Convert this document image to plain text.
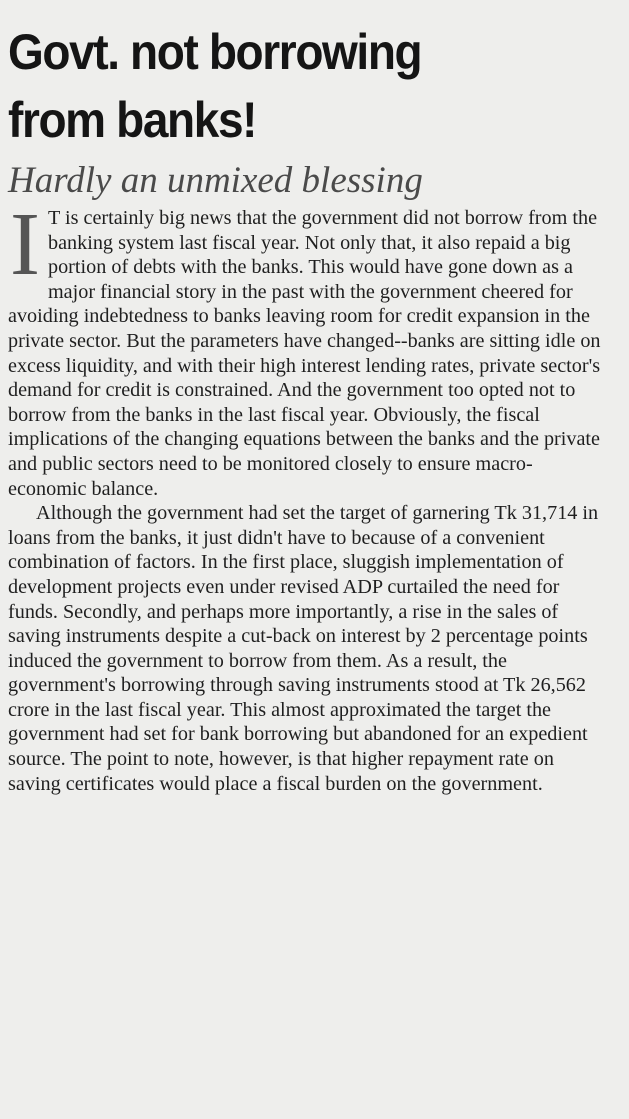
Govt. not borrowing
from banks!
Hardly an unmixed blessing

I T is certainly big news that the government did not borrow from the banking system last fiscal year. Not only that, it also repaid a big portion of debts with the banks. This would have gone down as a major financial story in the past with the government cheered for avoiding indebtedness to banks leaving room for credit expansion in the private sector. But the parameters have changed--banks are sitting idle on excess liquidity, and with their high interest lending rates, private sector's demand for credit is constrained. And the government too opted not to borrow from the banks in the last fiscal year. Obviously, the fiscal implications of the changing equations between the banks and the private and public sectors need to be monitored closely to ensure macro-economic balance.

Although the government had set the target of garnering Tk 31,714 in loans from the banks, it just didn't have to because of a convenient combination of factors. In the first place, sluggish implementation of development projects even under revised ADP curtailed the need for funds. Secondly, and perhaps more importantly, a rise in the sales of saving instruments despite a cut-back on interest by 2 percentage points induced the government to borrow from them. As a result, the government's borrowing through saving instruments stood at Tk 26,562 crore in the last fiscal year. This almost approximated the target the government had set for bank borrowing but abandoned for an expedient source. The point to note, however, is that higher repayment rate on saving certificates would place a fiscal burden on the government.
